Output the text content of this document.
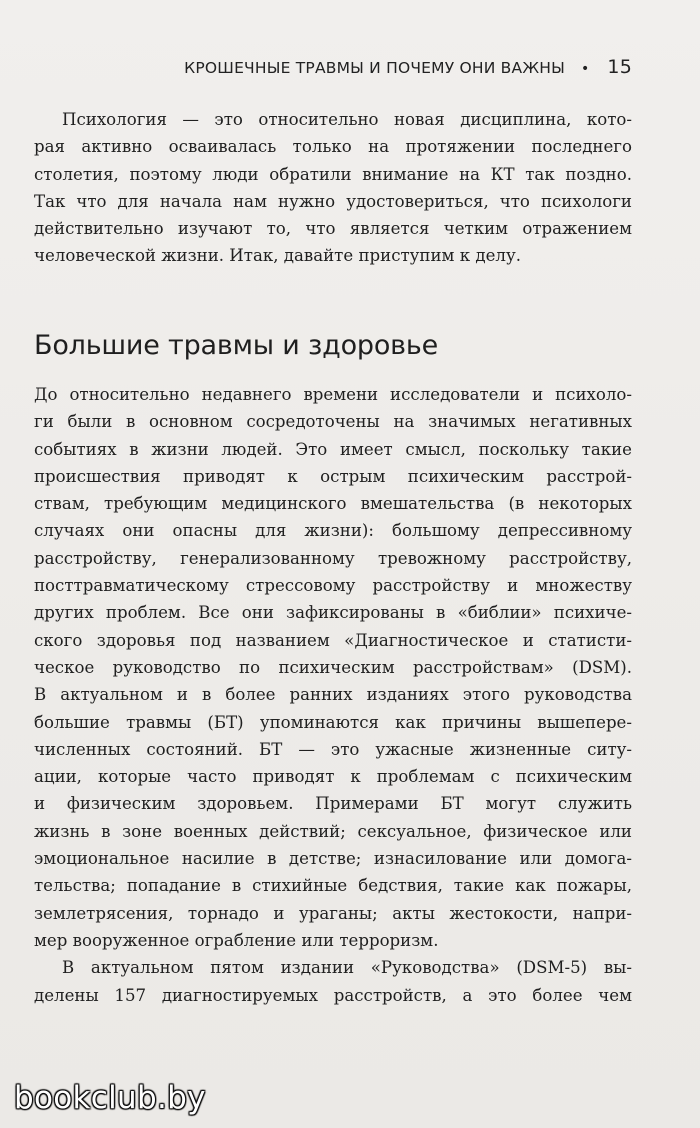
КРОШЕЧНЫЕ ТРАВМЫ И ПОЧЕМУ ОНИ ВАЖНЫ • 15
Психология — это относительно новая дисциплина, кото-
рая активно осваивалась только на протяжении последнего
столетия, поэтому люди обратили внимание на КТ так поздно.
Так что для начала нам нужно удостовериться, что психологи
действительно изучают то, что является четким отражением
человеческой жизни. Итак, давайте приступим к делу.
Большие травмы и здоровье
До относительно недавнего времени исследователи и психоло-
ги были в основном сосредоточены на значимых негативных
событиях в жизни людей. Это имеет смысл, поскольку такие
происшествия приводят к острым психическим расстрой-
ствам, требующим медицинского вмешательства (в некоторых
случаях они опасны для жизни): большому депрессивному
расстройству, генерализованному тревожному расстройству,
посттравматическому стрессовому расстройству и множеству
других проблем. Все они зафиксированы в «библии» психиче-
ского здоровья под названием «Диагностическое и статисти-
ческое руководство по психическим расстройствам» (DSM).
В актуальном и в более ранних изданиях этого руководства
большие травмы (БТ) упоминаются как причины вышепере-
численных состояний. БТ — это ужасные жизненные ситу-
ации, которые часто приводят к проблемам с психическим
и физическим здоровьем. Примерами БТ могут служить
жизнь в зоне военных действий; сексуальное, физическое или
эмоциональное насилие в детстве; изнасилование или домога-
тельства; попадание в стихийные бедствия, такие как пожары,
землетрясения, торнадо и ураганы; акты жестокости, напри-
мер вооруженное ограбление или терроризм.
В актуальном пятом издании «Руководства» (DSM-5) вы-
делены 157 диагностируемых расстройств, а это более чем
bookclub.by
